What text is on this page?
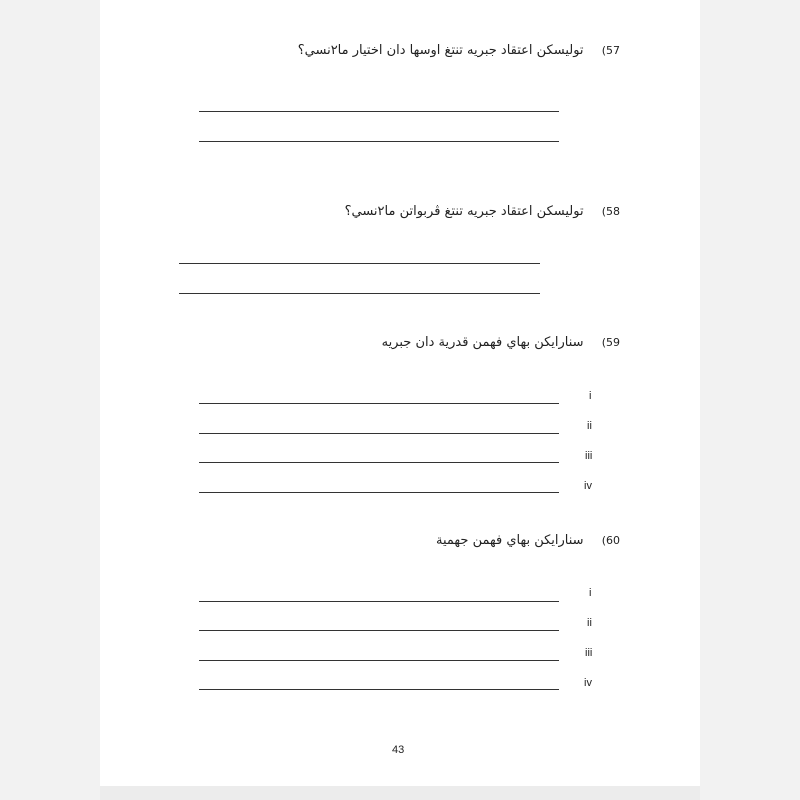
57) توليسكن اعتقاد جبريه تنتغ اوسها دان اختيار ما٢نسي؟
58) توليسكن اعتقاد جبريه تنتغ ڤربواتن ما٢نسي؟
59) سنارايكن بهاي فهمن قدرية دان جبريه
i
ii
iii
iv
60) سنارايكن بهاي فهمن جهمية
i
ii
iii
iv
43
